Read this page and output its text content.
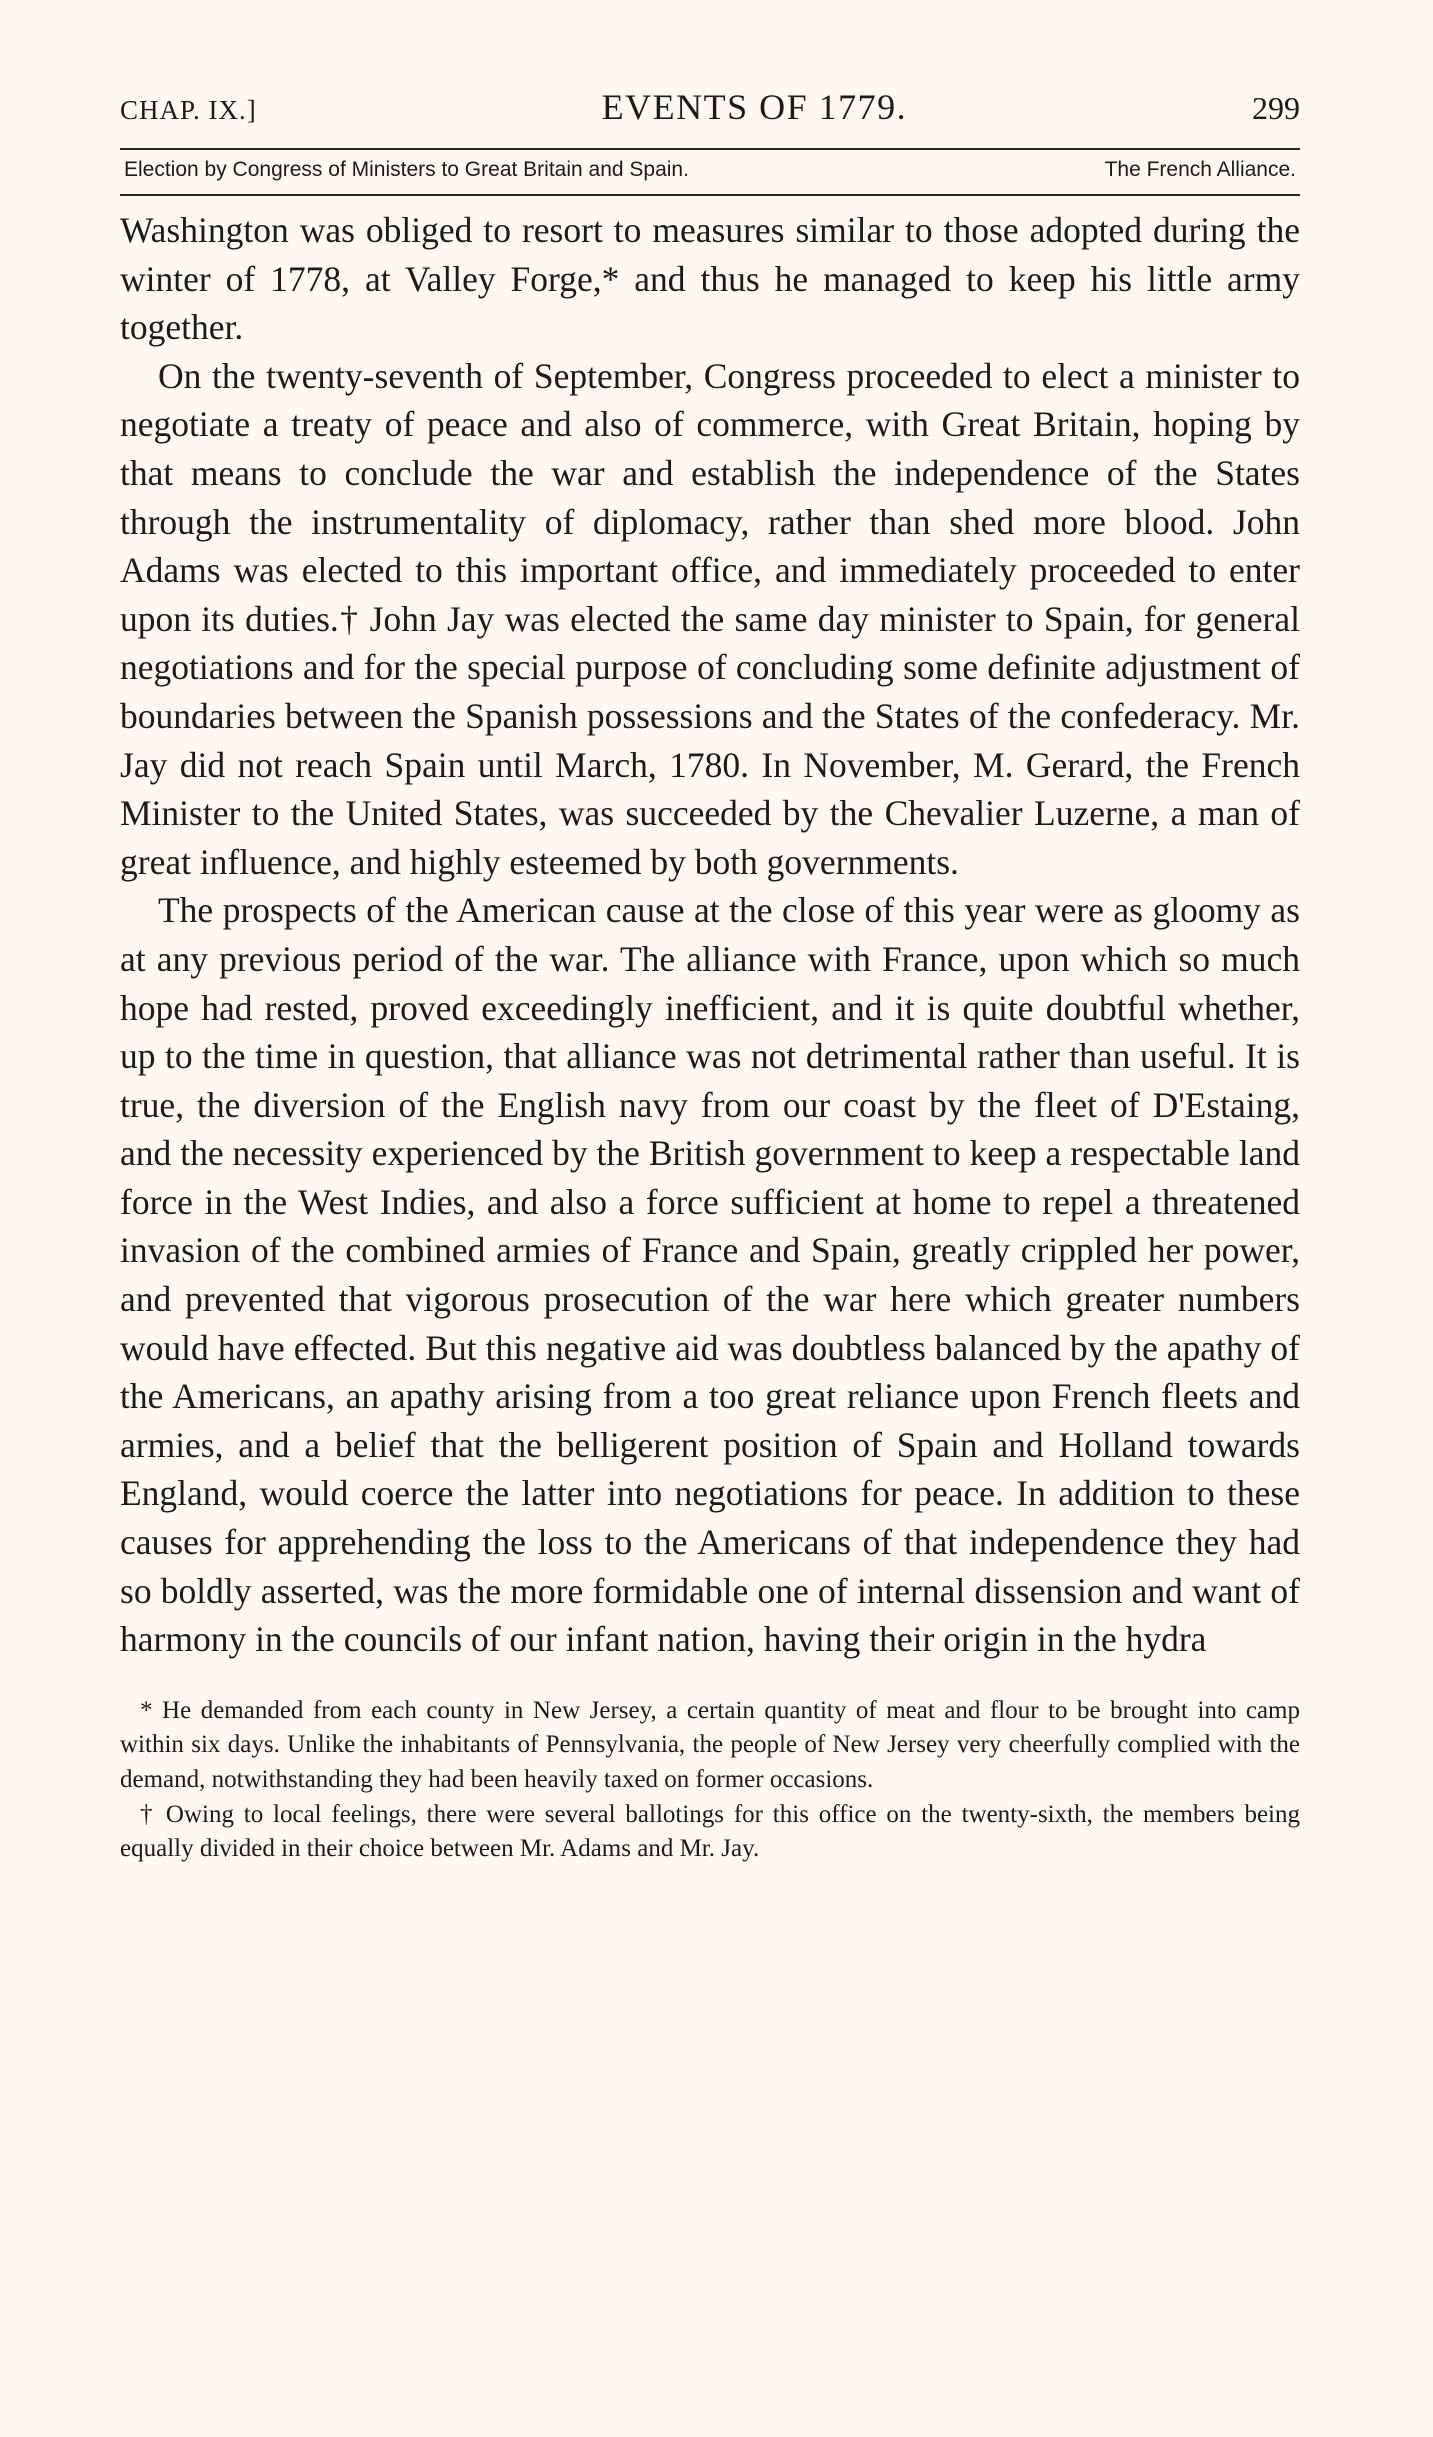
CHAP. IX.]	EVENTS OF 1779.	299
Election by Congress of Ministers to Great Britain and Spain.	The French Alliance.

Washington was obliged to resort to measures similar to those adopted during the winter of 1778, at Valley Forge,* and thus he managed to keep his little army together.

On the twenty-seventh of September, Congress proceeded to elect a minister to negotiate a treaty of peace and also of commerce, with Great Britain, hoping by that means to conclude the war and establish the independence of the States through the instrumentality of diplomacy, rather than shed more blood. John Adams was elected to this important office, and immediately proceeded to enter upon its duties.† John Jay was elected the same day minister to Spain, for general negotiations and for the special purpose of concluding some definite adjustment of boundaries between the Spanish possessions and the States of the confederacy. Mr. Jay did not reach Spain until March, 1780. In November, M. Gerard, the French Minister to the United States, was succeeded by the Chevalier Luzerne, a man of great influence, and highly esteemed by both governments.

The prospects of the American cause at the close of this year were as gloomy as at any previous period of the war. The alliance with France, upon which so much hope had rested, proved exceedingly inefficient, and it is quite doubtful whether, up to the time in question, that alliance was not detrimental rather than useful. It is true, the diversion of the English navy from our coast by the fleet of D'Estaing, and the necessity experienced by the British government to keep a respectable land force in the West Indies, and also a force sufficient at home to repel a threatened invasion of the combined armies of France and Spain, greatly crippled her power, and prevented that vigorous prosecution of the war here which greater numbers would have effected. But this negative aid was doubtless balanced by the apathy of the Americans, an apathy arising from a too great reliance upon French fleets and armies, and a belief that the belligerent position of Spain and Holland towards England, would coerce the latter into negotiations for peace. In addition to these causes for apprehending the loss to the Americans of that independence they had so boldly asserted, was the more formidable one of internal dissension and want of harmony in the councils of our infant nation, having their origin in the hydra

* He demanded from each county in New Jersey, a certain quantity of meat and flour to be brought into camp within six days. Unlike the inhabitants of Pennsylvania, the people of New Jersey very cheerfully complied with the demand, notwithstanding they had been heavily taxed on former occasions.

† Owing to local feelings, there were several ballotings for this office on the twenty-sixth, the members being equally divided in their choice between Mr. Adams and Mr. Jay.
